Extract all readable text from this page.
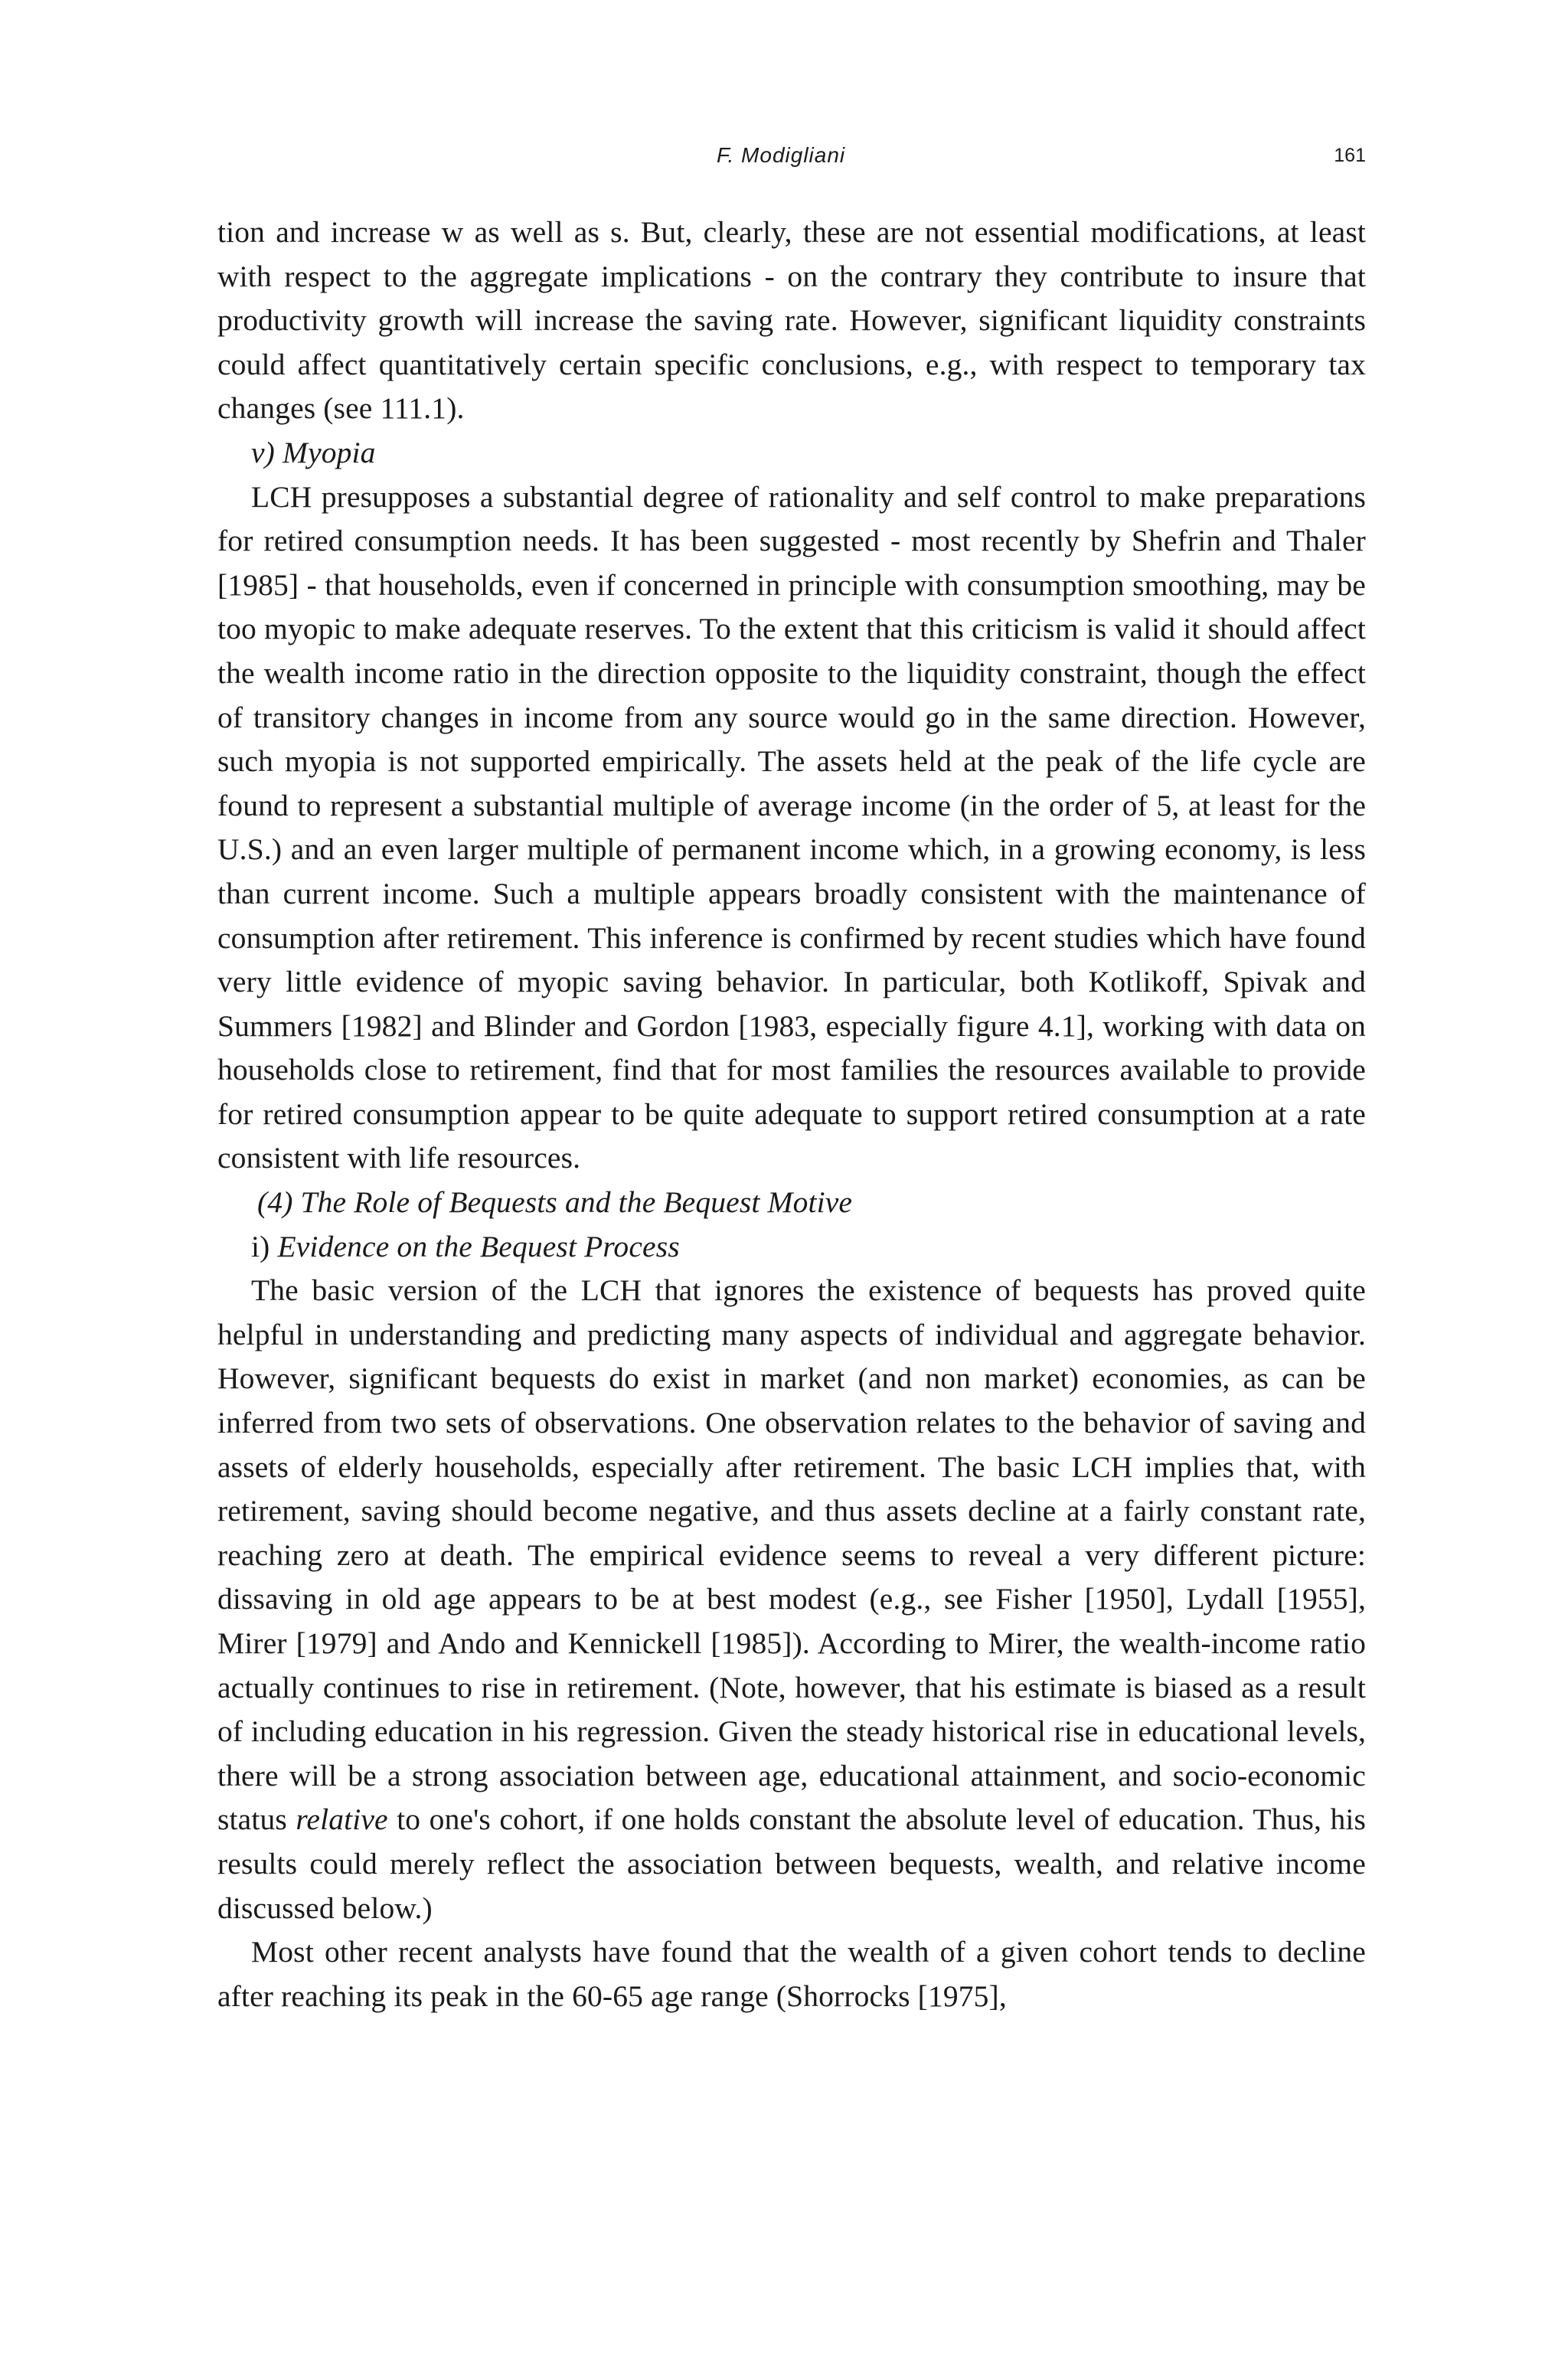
F. Modigliani	161

tion and increase w as well as s. But, clearly, these are not essential modifications, at least with respect to the aggregate implications - on the contrary they contribute to insure that productivity growth will increase the saving rate. However, significant liquidity constraints could affect quantitatively certain specific conclusions, e.g., with respect to temporary tax changes (see 111.1).

v) Myopia

LCH presupposes a substantial degree of rationality and self control to make preparations for retired consumption needs. It has been suggested - most recently by Shefrin and Thaler [1985] - that households, even if concerned in principle with consumption smoothing, may be too myopic to make adequate reserves. To the extent that this criticism is valid it should affect the wealth income ratio in the direction opposite to the liquidity constraint, though the effect of transitory changes in income from any source would go in the same direction. However, such myopia is not supported empirically. The assets held at the peak of the life cycle are found to represent a substantial multiple of average income (in the order of 5, at least for the U.S.) and an even larger multiple of permanent income which, in a growing economy, is less than current income. Such a multiple appears broadly consistent with the maintenance of consumption after retirement. This inference is confirmed by recent studies which have found very little evidence of myopic saving behavior. In particular, both Kotlikoff, Spivak and Summers [1982] and Blinder and Gordon [1983, especially figure 4.1], working with data on households close to retirement, find that for most families the resources available to provide for retired consumption appear to be quite adequate to support retired consumption at a rate consistent with life resources.

(4) The Role of Bequests and the Bequest Motive

i) Evidence on the Bequest Process

The basic version of the LCH that ignores the existence of bequests has proved quite helpful in understanding and predicting many aspects of individual and aggregate behavior. However, significant bequests do exist in market (and non market) economies, as can be inferred from two sets of observations. One observation relates to the behavior of saving and assets of elderly households, especially after retirement. The basic LCH implies that, with retirement, saving should become negative, and thus assets decline at a fairly constant rate, reaching zero at death. The empirical evidence seems to reveal a very different picture: dissaving in old age appears to be at best modest (e.g., see Fisher [1950], Lydall [1955], Mirer [1979] and Ando and Kennickell [1985]). According to Mirer, the wealth-income ratio actually continues to rise in retirement. (Note, however, that his estimate is biased as a result of including education in his regression. Given the steady historical rise in educational levels, there will be a strong association between age, educational attainment, and socio-economic status relative to one's cohort, if one holds constant the absolute level of education. Thus, his results could merely reflect the association between bequests, wealth, and relative income discussed below.)

Most other recent analysts have found that the wealth of a given cohort tends to decline after reaching its peak in the 60-65 age range (Shorrocks [1975],
